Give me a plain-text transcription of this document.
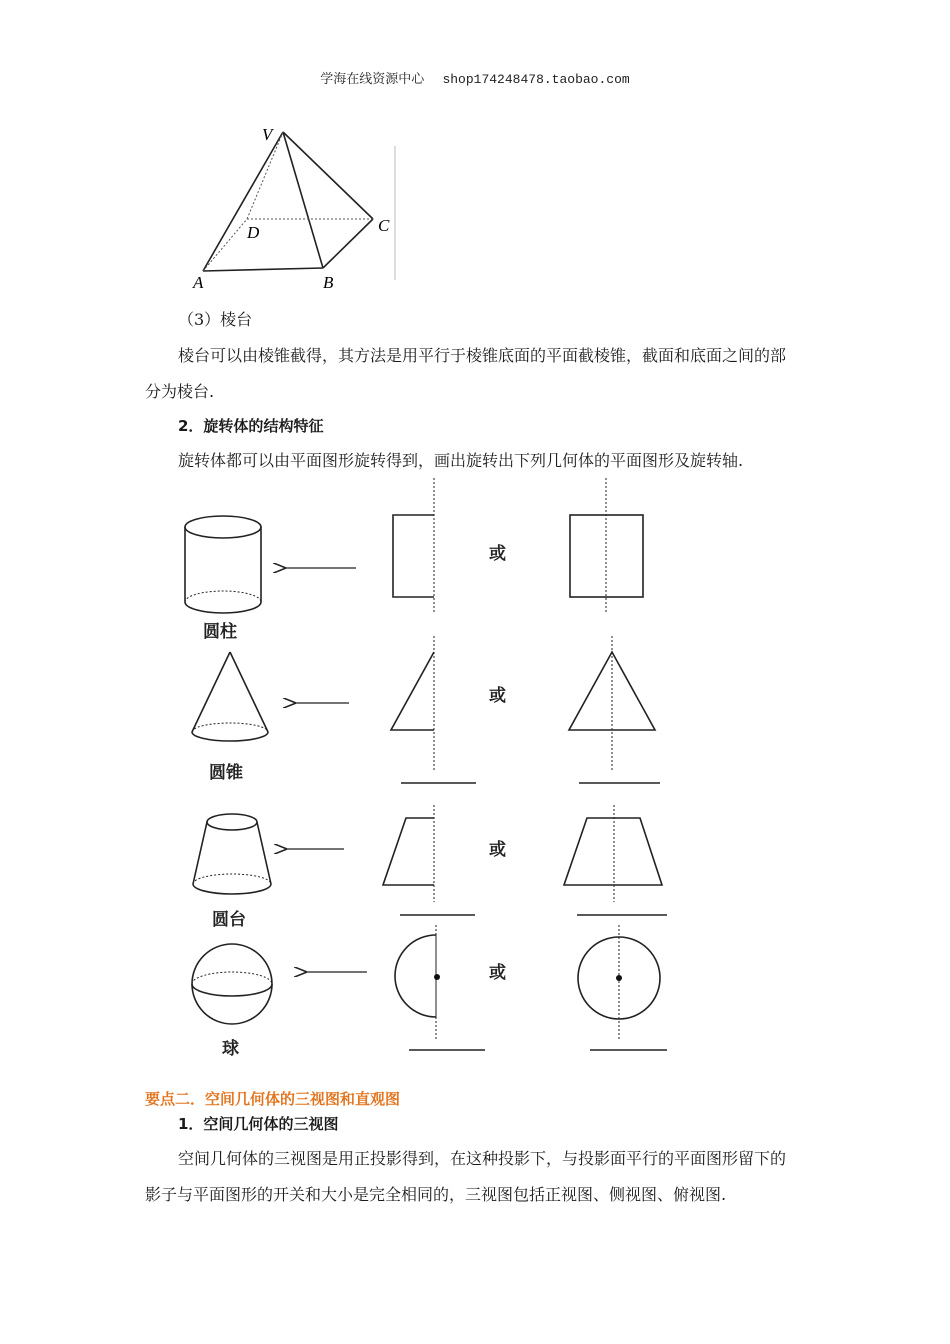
学海在线资源中心 shop174248478.taobao.com
V
D	C
A	B
（3）棱台
棱台可以由棱锥截得，其方法是用平行于棱锥底面的平面截棱锥，截面和底面之间的部
分为棱台.
2．旋转体的结构特征
旋转体都可以由平面图形旋转得到，画出旋转出下列几何体的平面图形及旋转轴.
或
或
或
或
圆柱
圆锥
圆台
球
要点二．空间几何体的三视图和直观图
1．空间几何体的三视图
空间几何体的三视图是用正投影得到，在这种投影下，与投影面平行的平面图形留下的
影子与平面图形的开关和大小是完全相同的，三视图包括正视图、侧视图、俯视图.
